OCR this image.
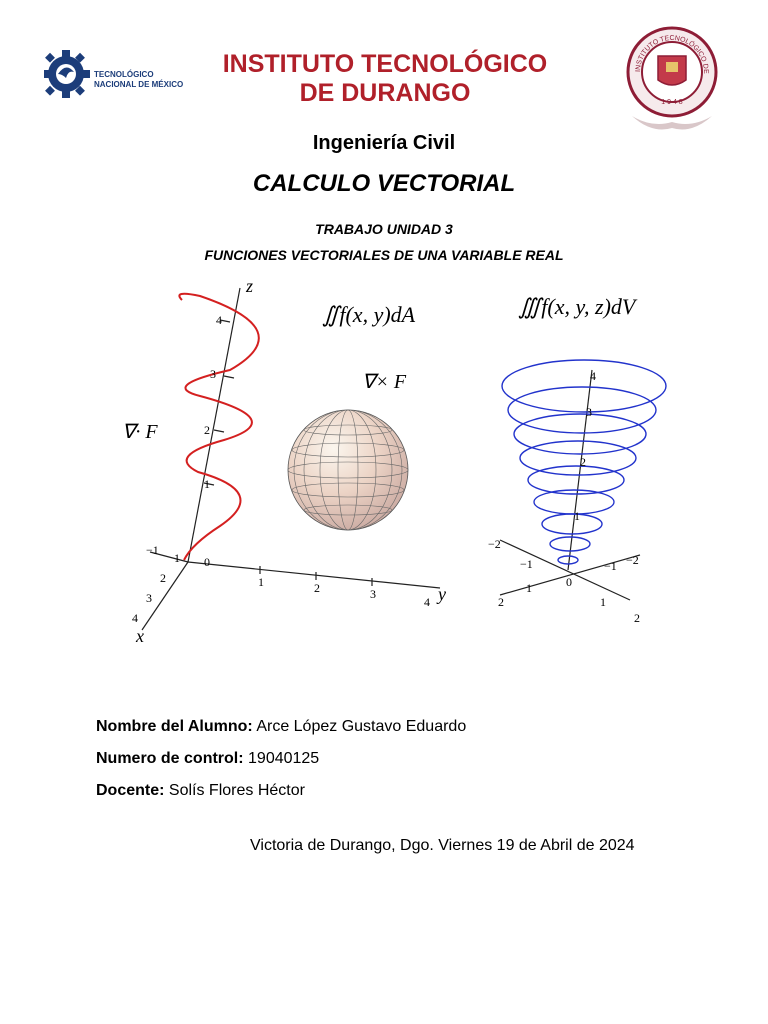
TECNOLÓGICO
NACIONAL DE MÉXICO
INSTITUTO TECNOLÓGICO
DE DURANGO
INSTITUTO TECNOLÓGICO DE
1 9 4 8
Ingeniería Civil
CALCULO VECTORIAL
TRABAJO UNIDAD 3
FUNCIONES VECTORIALES DE UNA VARIABLE REAL
z
x
y
1
2
3
4
1	2	3
4
1
2
3
4
−1
0
∬f(x, y)dA	∭f(x, y, z)dV
∇× F
∇· F
1
2
3
4
−2
−1	−1 −2
1
2	1
2
0
Nombre del Alumno: Arce López Gustavo Eduardo
Numero de control: 19040125
Docente: Solís Flores Héctor
Victoria de Durango, Dgo. Viernes 19 de Abril de 2024
